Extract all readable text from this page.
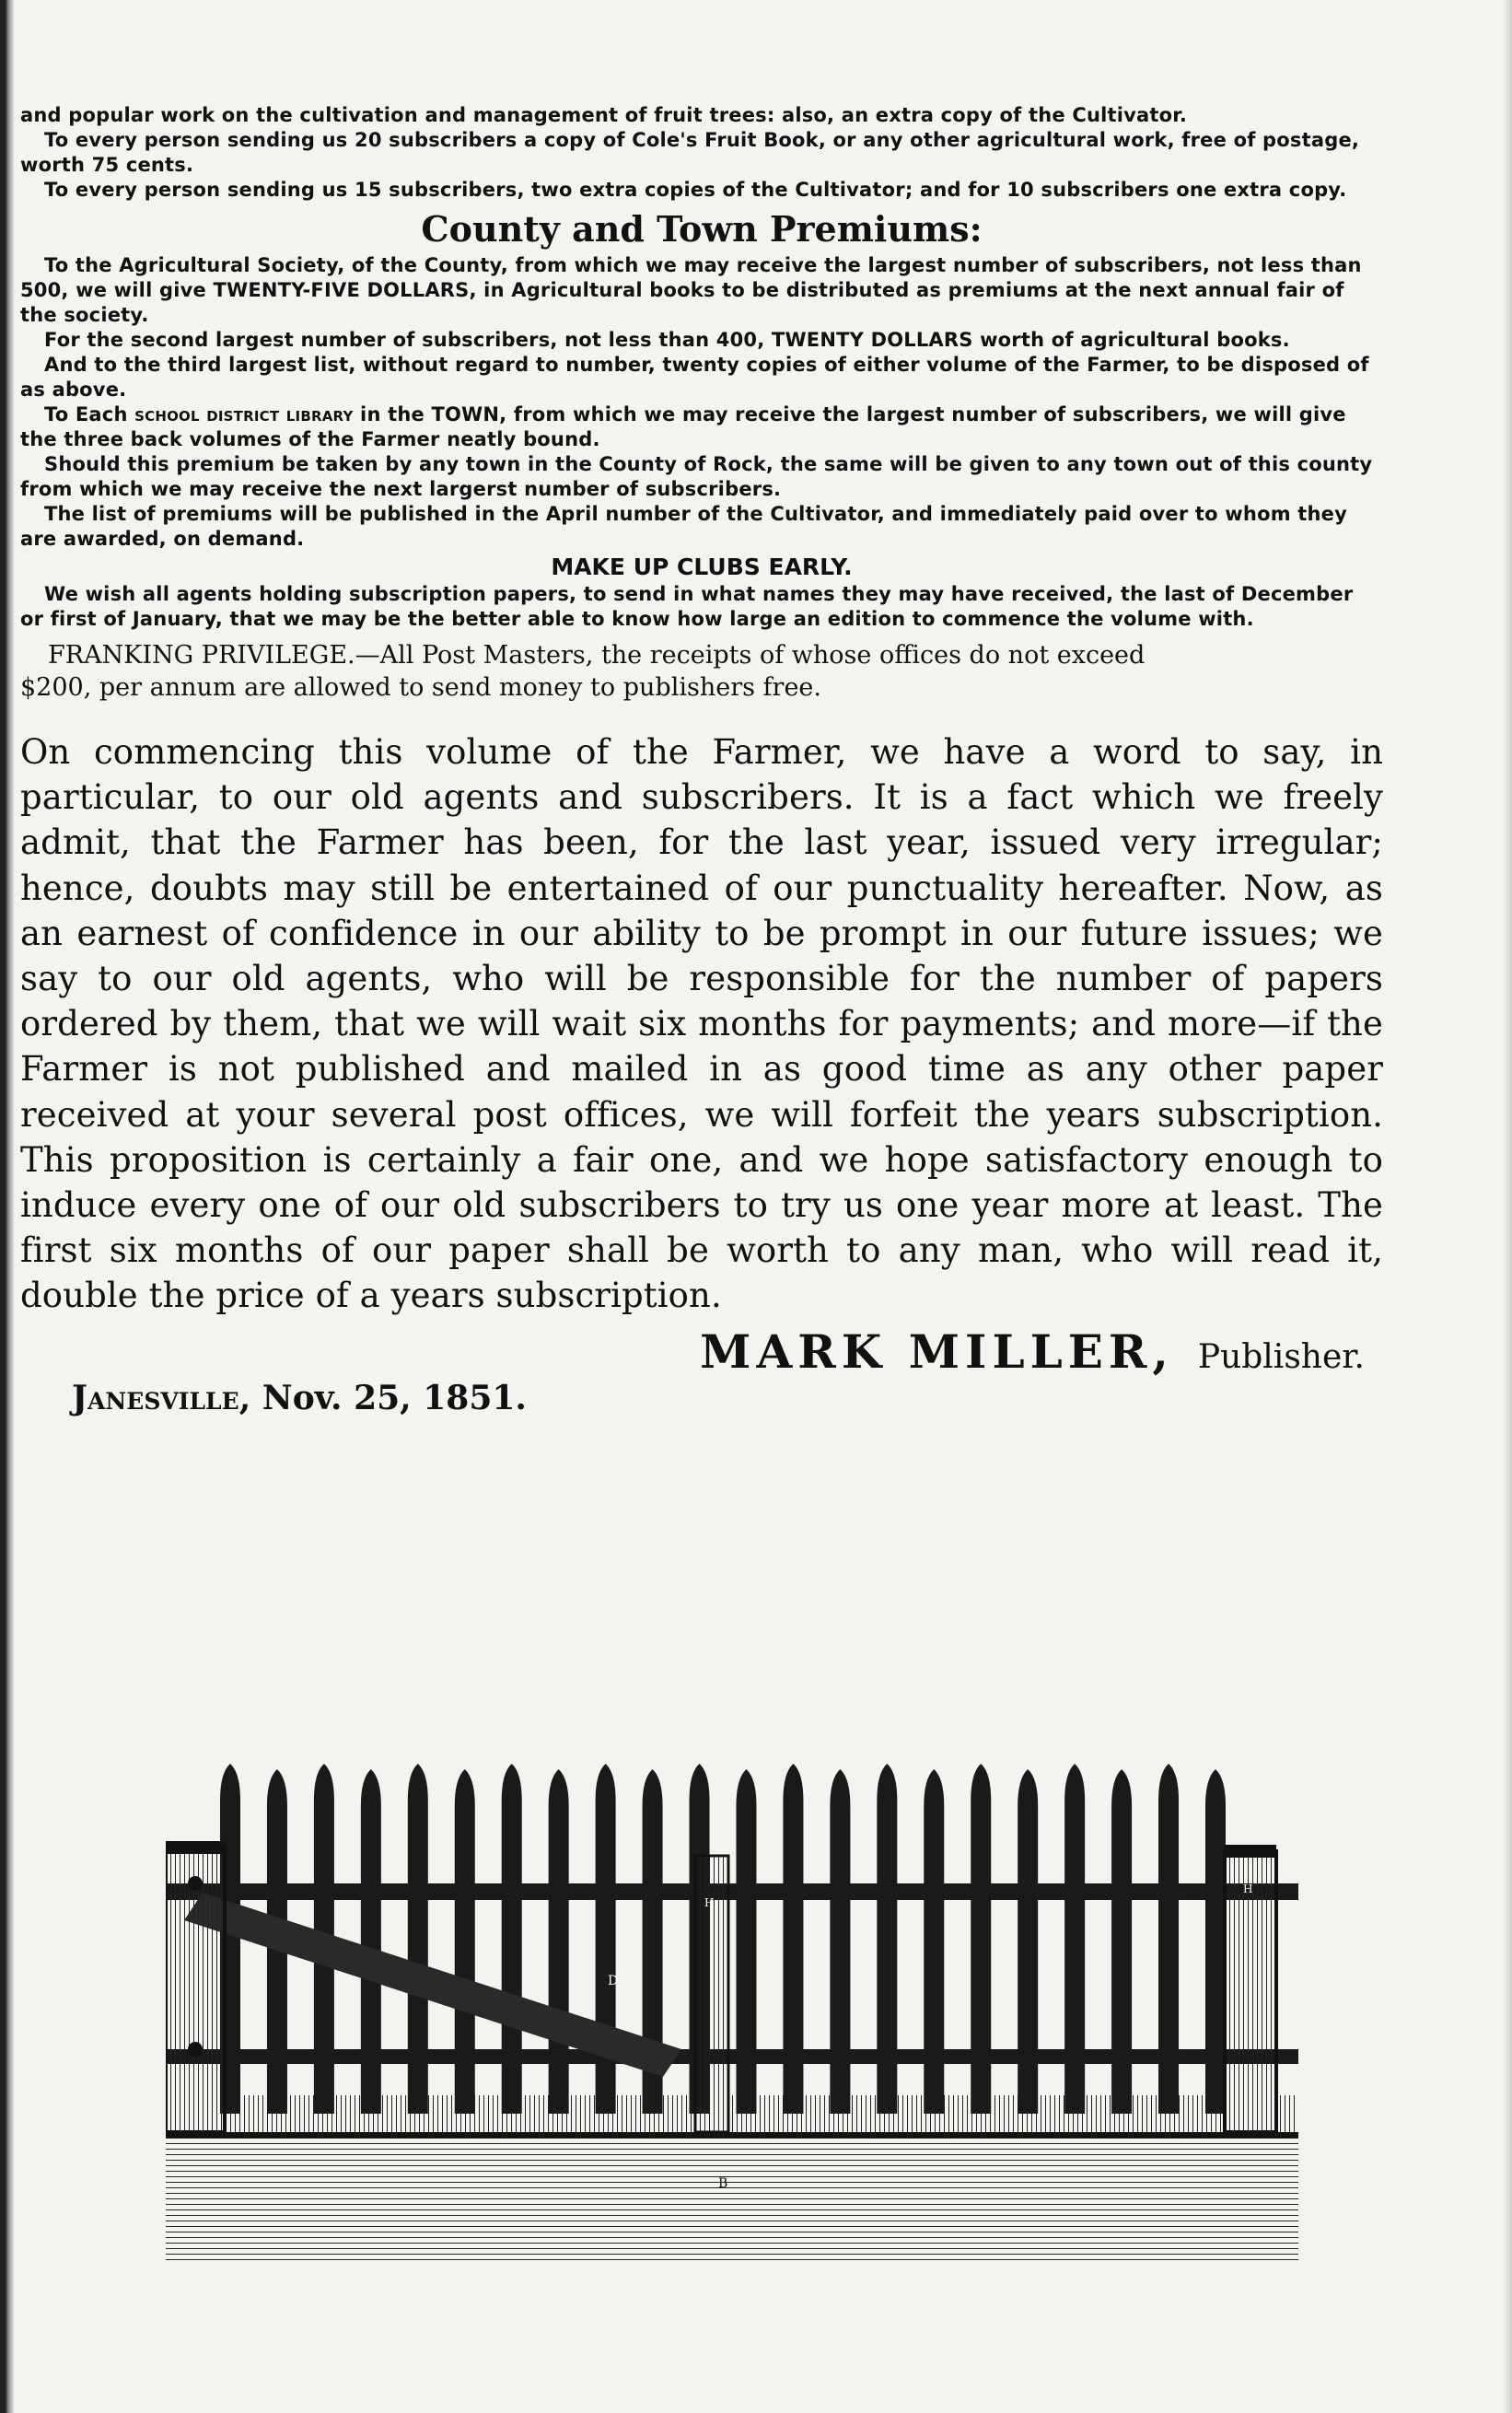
and popular work on the cultivation and management of fruit trees: also, an extra copy of the Cultivator.

To every person sending us 20 subscribers a copy of Cole's Fruit Book, or any other agricultural work, free of postage, worth 75 cents.

To every person sending us 15 subscribers, two extra copies of the Cultivator; and for 10 subscribers one extra copy.

County and Town Premiums:

To the Agricultural Society, of the County, from which we may receive the largest number of subscribers, not less than 500, we will give TWENTY-FIVE DOLLARS, in Agricultural books to be distributed as premiums at the next annual fair of the society.

For the second largest number of subscribers, not less than 400, TWENTY DOLLARS worth of agricultural books.

And to the third largest list, without regard to number, twenty copies of either volume of the Farmer, to be disposed of as above.

To Each school district library in the TOWN, from which we may receive the largest number of subscribers, we will give the three back volumes of the Farmer neatly bound.

Should this premium be taken by any town in the County of Rock, the same will be given to any town out of this county from which we may receive the next largerst number of subscribers.

The list of premiums will be published in the April number of the Cultivator, and immediately paid over to whom they are awarded, on demand.

MAKE UP CLUBS EARLY.

We wish all agents holding subscription papers, to send in what names they may have received, the last of December or first of January, that we may be the better able to know how large an edition to commence the volume with.

FRANKING PRIVILEGE.—All Post Masters, the receipts of whose offices do not exceed
$200, per annum are allowed to send money to publishers free.

On commencing this volume of the Farmer, we have a word to say, in particular, to our old agents and subscribers. It is a fact which we freely admit, that the Farmer has been, for the last year, issued very irregular; hence, doubts may still be entertained of our punctuality hereafter. Now, as an earnest of confidence in our ability to be prompt in our future issues; we say to our old agents, who will be responsible for the number of papers ordered by them, that we will wait six months for payments; and more—if the Farmer is not published and mailed in as good time as any other paper received at your several post offices, we will forfeit the years subscription. This proposition is certainly a fair one, and we hope satisfactory enough to induce every one of our old subscribers to try us one year more at least. The first six months of our paper shall be worth to any man, who will read it, double the price of a years subscription.

MARK MILLER, Publisher.
Janesville, Nov. 25, 1851.
B
D
H
H
